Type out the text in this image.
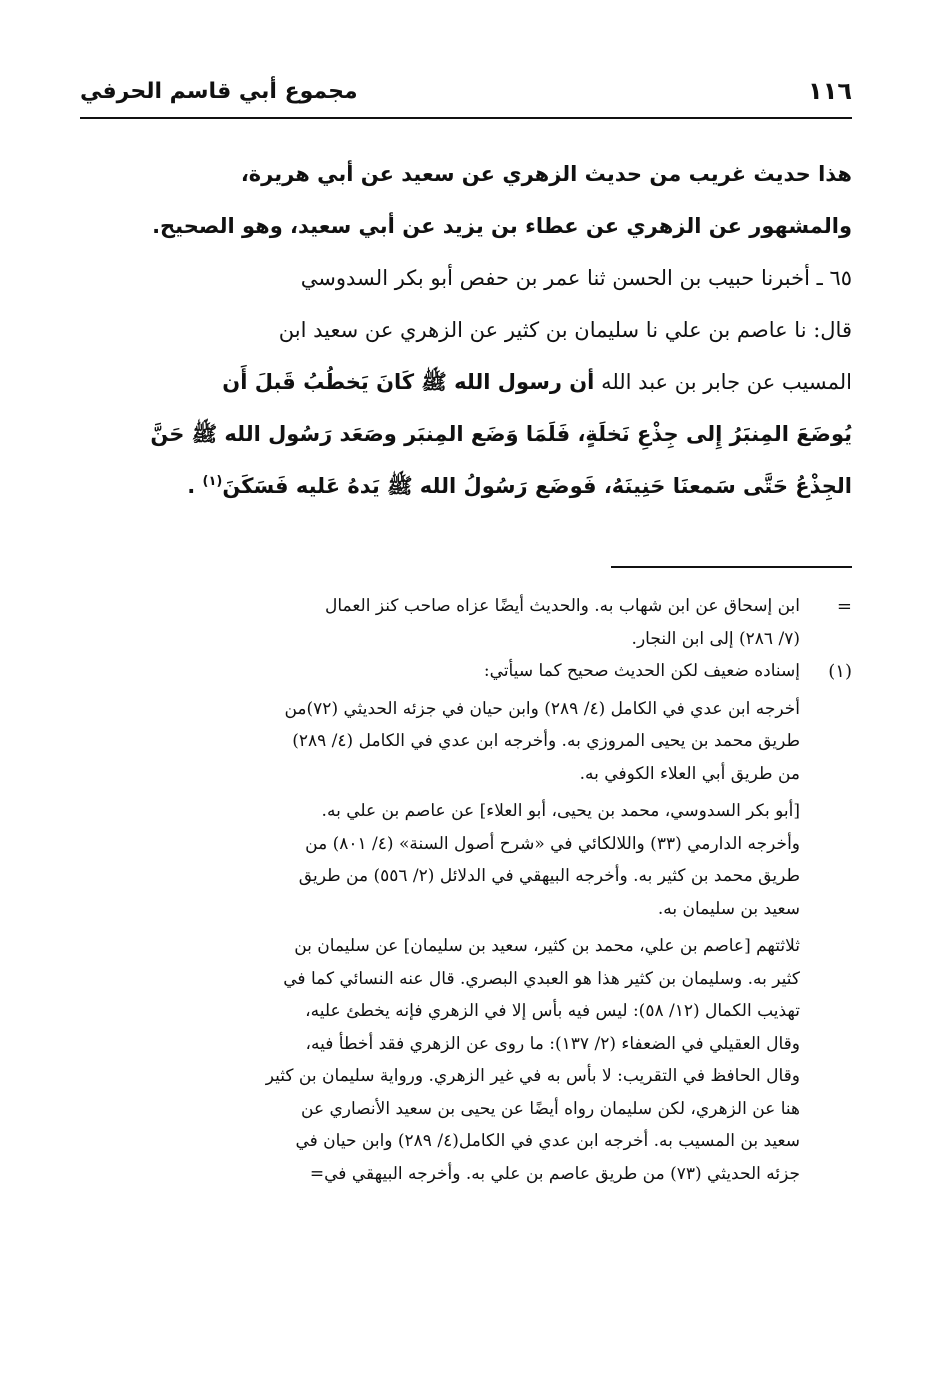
١١٦
مجموع أبي قاسم الحرفي
هذا حديث غريب من حديث الزهري عن سعيد عن أبي هريرة،
والمشهور عن الزهري عن عطاء بن يزيد عن أبي سعيد، وهو الصحيح.
٦٥ ـ أخبرنا حبيب بن الحسن ثنا عمر بن حفص أبو بكر السدوسي
قال: نا عاصم بن علي نا سليمان بن كثير عن الزهري عن سعيد ابن
المسيب عن جابر بن عبد الله أن رسول الله ﷺ كَانَ يَخطُبُ قَبلَ أَن
يُوضَعَ المِنبَرُ إِلى جِذْعِ نَخلَةٍ، فَلَمَا وَضَع المِنبَر وصَعَد رَسُول الله ﷺ حَنَّ
الجِذْعُ حَتَّى سَمعنَا حَنِينَهُ، فَوضَع رَسُولُ الله ﷺ يَدهُ عَليه فَسَكَنَ$^{(١)}$ .
=
ابن إسحاق عن ابن شهاب به. والحديث أيضًا عزاه صاحب كنز العمال
(٧/ ٢٨٦) إلى ابن النجار.
(١)
إسناده ضعيف لكن الحديث صحيح كما سيأتي:
أخرجه ابن عدي في الكامل (٤/ ٢٨٩) وابن حيان في جزئه الحديثي (٧٢)من
طريق محمد بن يحيى المروزي به. وأخرجه ابن عدي في الكامل (٤/ ٢٨٩)
من طريق أبي العلاء الكوفي به.
[أبو بكر السدوسي، محمد بن يحيى، أبو العلاء] عن عاصم بن علي به.
وأخرجه الدارمي (٣٣) واللالكائي في «شرح أصول السنة» (٤/ ٨٠١) من
طريق محمد بن كثير به. وأخرجه البيهقي في الدلائل (٢/ ٥٥٦) من طريق
سعيد بن سليمان به.
ثلاثتهم [عاصم بن علي، محمد بن كثير، سعيد بن سليمان] عن سليمان بن
كثير به. وسليمان بن كثير هذا هو العبدي البصري. قال عنه النسائي كما في
تهذيب الكمال (١٢/ ٥٨): ليس فيه بأس إلا في الزهري فإنه يخطئ عليه،
وقال العقيلي في الضعفاء (٢/ ١٣٧): ما روى عن الزهري فقد أخطأ فيه،
وقال الحافظ في التقريب: لا بأس به في غير الزهري. ورواية سليمان بن كثير
هنا عن الزهري، لكن سليمان رواه أيضًا عن يحيى بن سعيد الأنصاري عن
سعيد بن المسيب به. أخرجه ابن عدي في الكامل(٤/ ٢٨٩) وابن حيان في
جزئه الحديثي (٧٣) من طريق عاصم بن علي به. وأخرجه البيهقي في=
